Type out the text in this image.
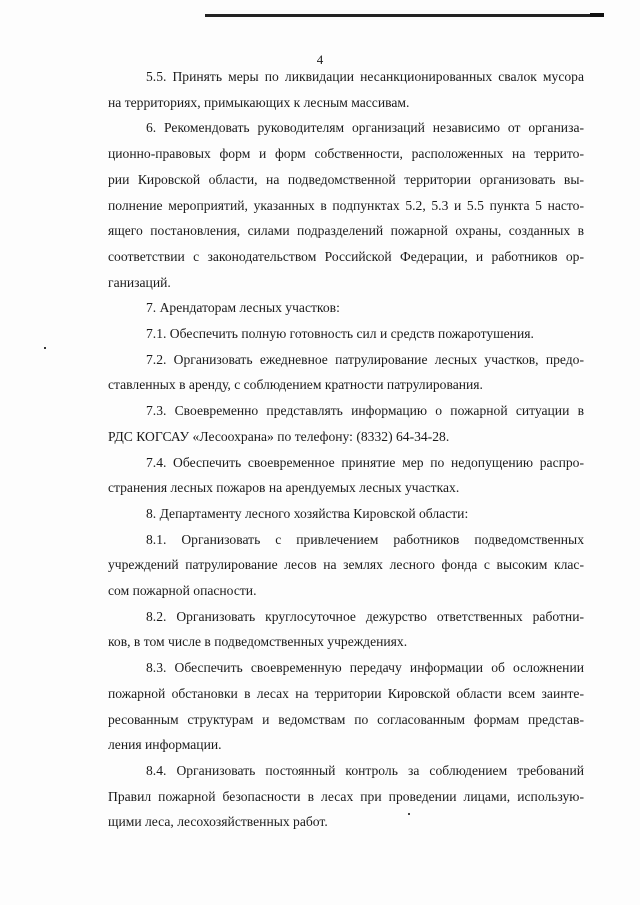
4
5.5. Принять меры по ликвидации несанкционированных свалок мусора
на территориях, примыкающих к лесным массивам.
6. Рекомендовать руководителям организаций независимо от организа-
ционно-правовых форм и форм собственности, расположенных на террито-
рии Кировской области, на подведомственной территории организовать вы-
полнение мероприятий, указанных в подпунктах 5.2, 5.3 и 5.5 пункта 5 насто-
ящего постановления, силами подразделений пожарной охраны, созданных в
соответствии с законодательством Российской Федерации, и работников ор-
ганизаций.
7. Арендаторам лесных участков:
7.1. Обеспечить полную готовность сил и средств пожаротушения.
7.2. Организовать ежедневное патрулирование лесных участков, предо-
ставленных в аренду, с соблюдением кратности патрулирования.
7.3. Своевременно представлять информацию о пожарной ситуации в
РДС КОГСАУ «Лесоохрана» по телефону: (8332) 64-34-28.
7.4. Обеспечить своевременное принятие мер по недопущению распро-
странения лесных пожаров на арендуемых лесных участках.
8. Департаменту лесного хозяйства Кировской области:
8.1. Организовать с привлечением работников подведомственных
учреждений патрулирование лесов на землях лесного фонда с высоким клас-
сом пожарной опасности.
8.2. Организовать круглосуточное дежурство ответственных работни-
ков, в том числе в подведомственных учреждениях.
8.3. Обеспечить своевременную передачу информации об осложнении
пожарной обстановки в лесах на территории Кировской области всем заинте-
ресованным структурам и ведомствам по согласованным формам представ-
ления информации.
8.4. Организовать постоянный контроль за соблюдением требований
Правил пожарной безопасности в лесах при проведении лицами, использую-
щими леса, лесохозяйственных работ.
